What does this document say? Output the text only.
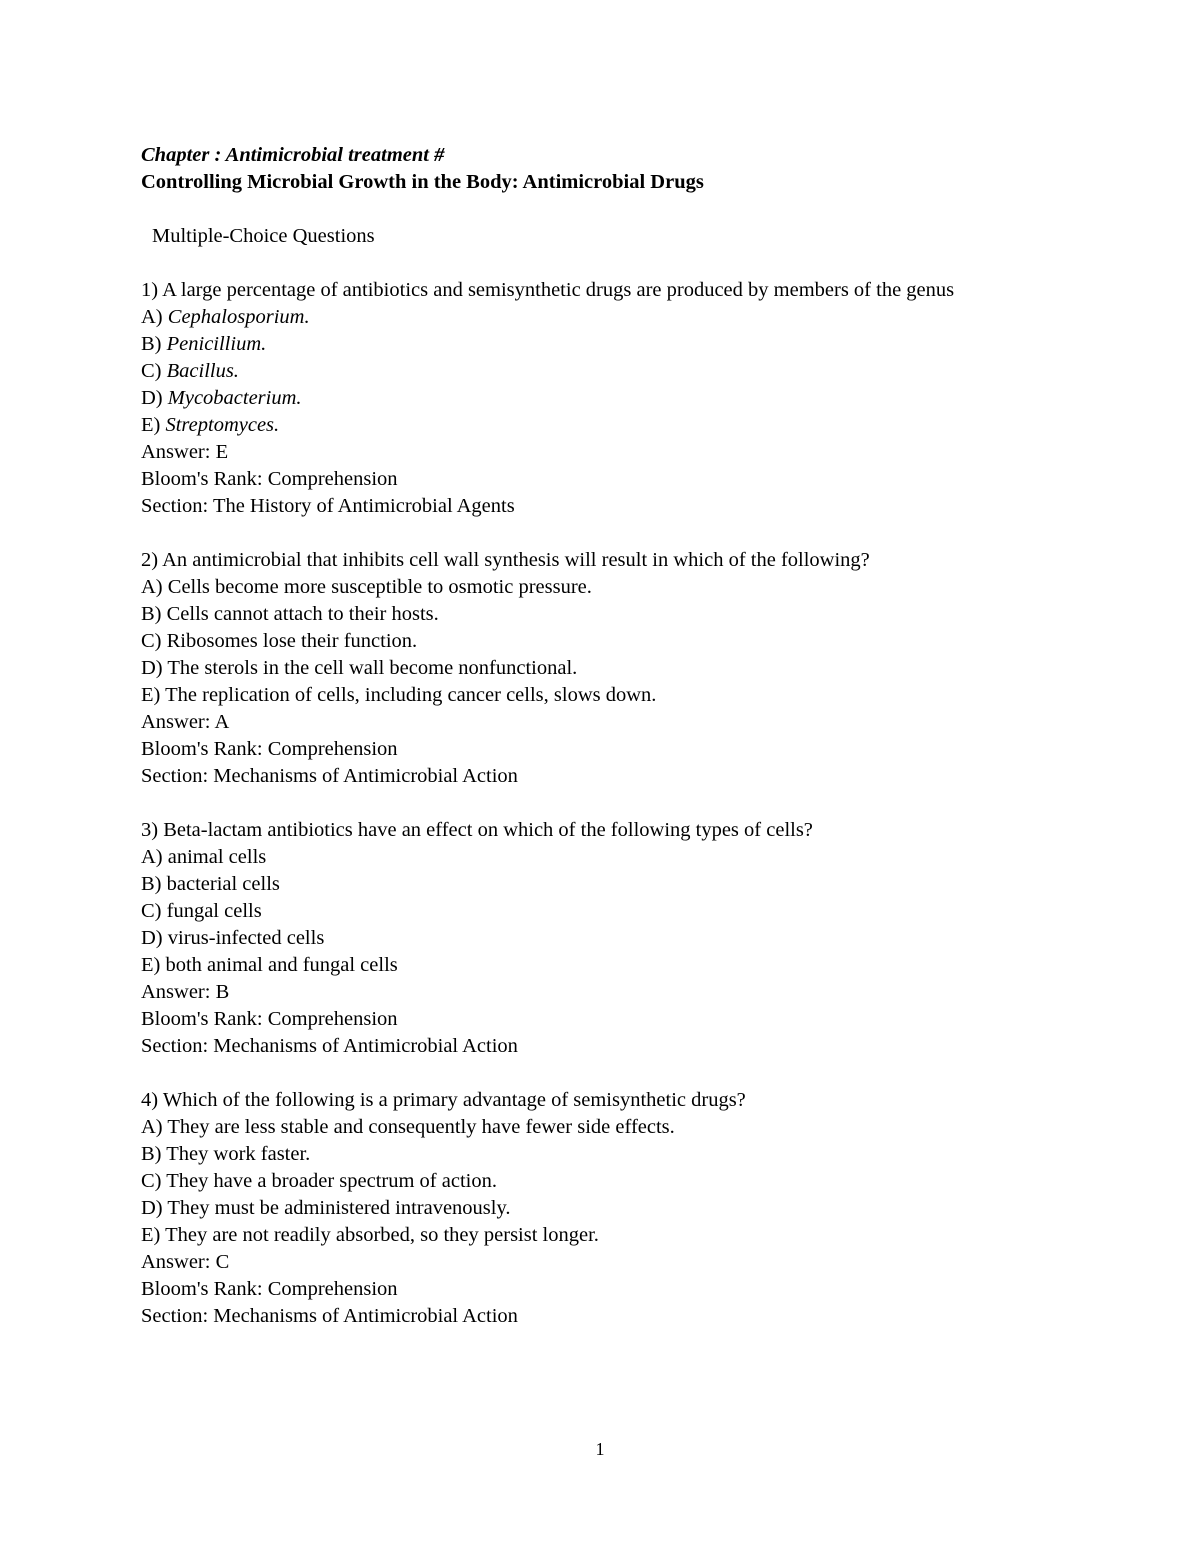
Chapter : Antimicrobial treatment #

Controlling Microbial Growth in the Body: Antimicrobial Drugs

Multiple-Choice Questions

1) A large percentage of antibiotics and semisynthetic drugs are produced by members of the genus

A) Cephalosporium.

B) Penicillium.

C) Bacillus.

D) Mycobacterium.

E) Streptomyces.

Answer: E

Bloom's Rank: Comprehension

Section: The History of Antimicrobial Agents

2) An antimicrobial that inhibits cell wall synthesis will result in which of the following?

A) Cells become more susceptible to osmotic pressure.

B) Cells cannot attach to their hosts.

C) Ribosomes lose their function.

D) The sterols in the cell wall become nonfunctional.

E) The replication of cells, including cancer cells, slows down.

Answer: A

Bloom's Rank: Comprehension

Section: Mechanisms of Antimicrobial Action

3) Beta-lactam antibiotics have an effect on which of the following types of cells?

A) animal cells

B) bacterial cells

C) fungal cells

D) virus-infected cells

E) both animal and fungal cells

Answer: B

Bloom's Rank: Comprehension

Section: Mechanisms of Antimicrobial Action

4) Which of the following is a primary advantage of semisynthetic drugs?

A) They are less stable and consequently have fewer side effects.

B) They work faster.

C) They have a broader spectrum of action.

D) They must be administered intravenously.

E) They are not readily absorbed, so they persist longer.

Answer: C

Bloom's Rank: Comprehension

Section: Mechanisms of Antimicrobial Action

1
